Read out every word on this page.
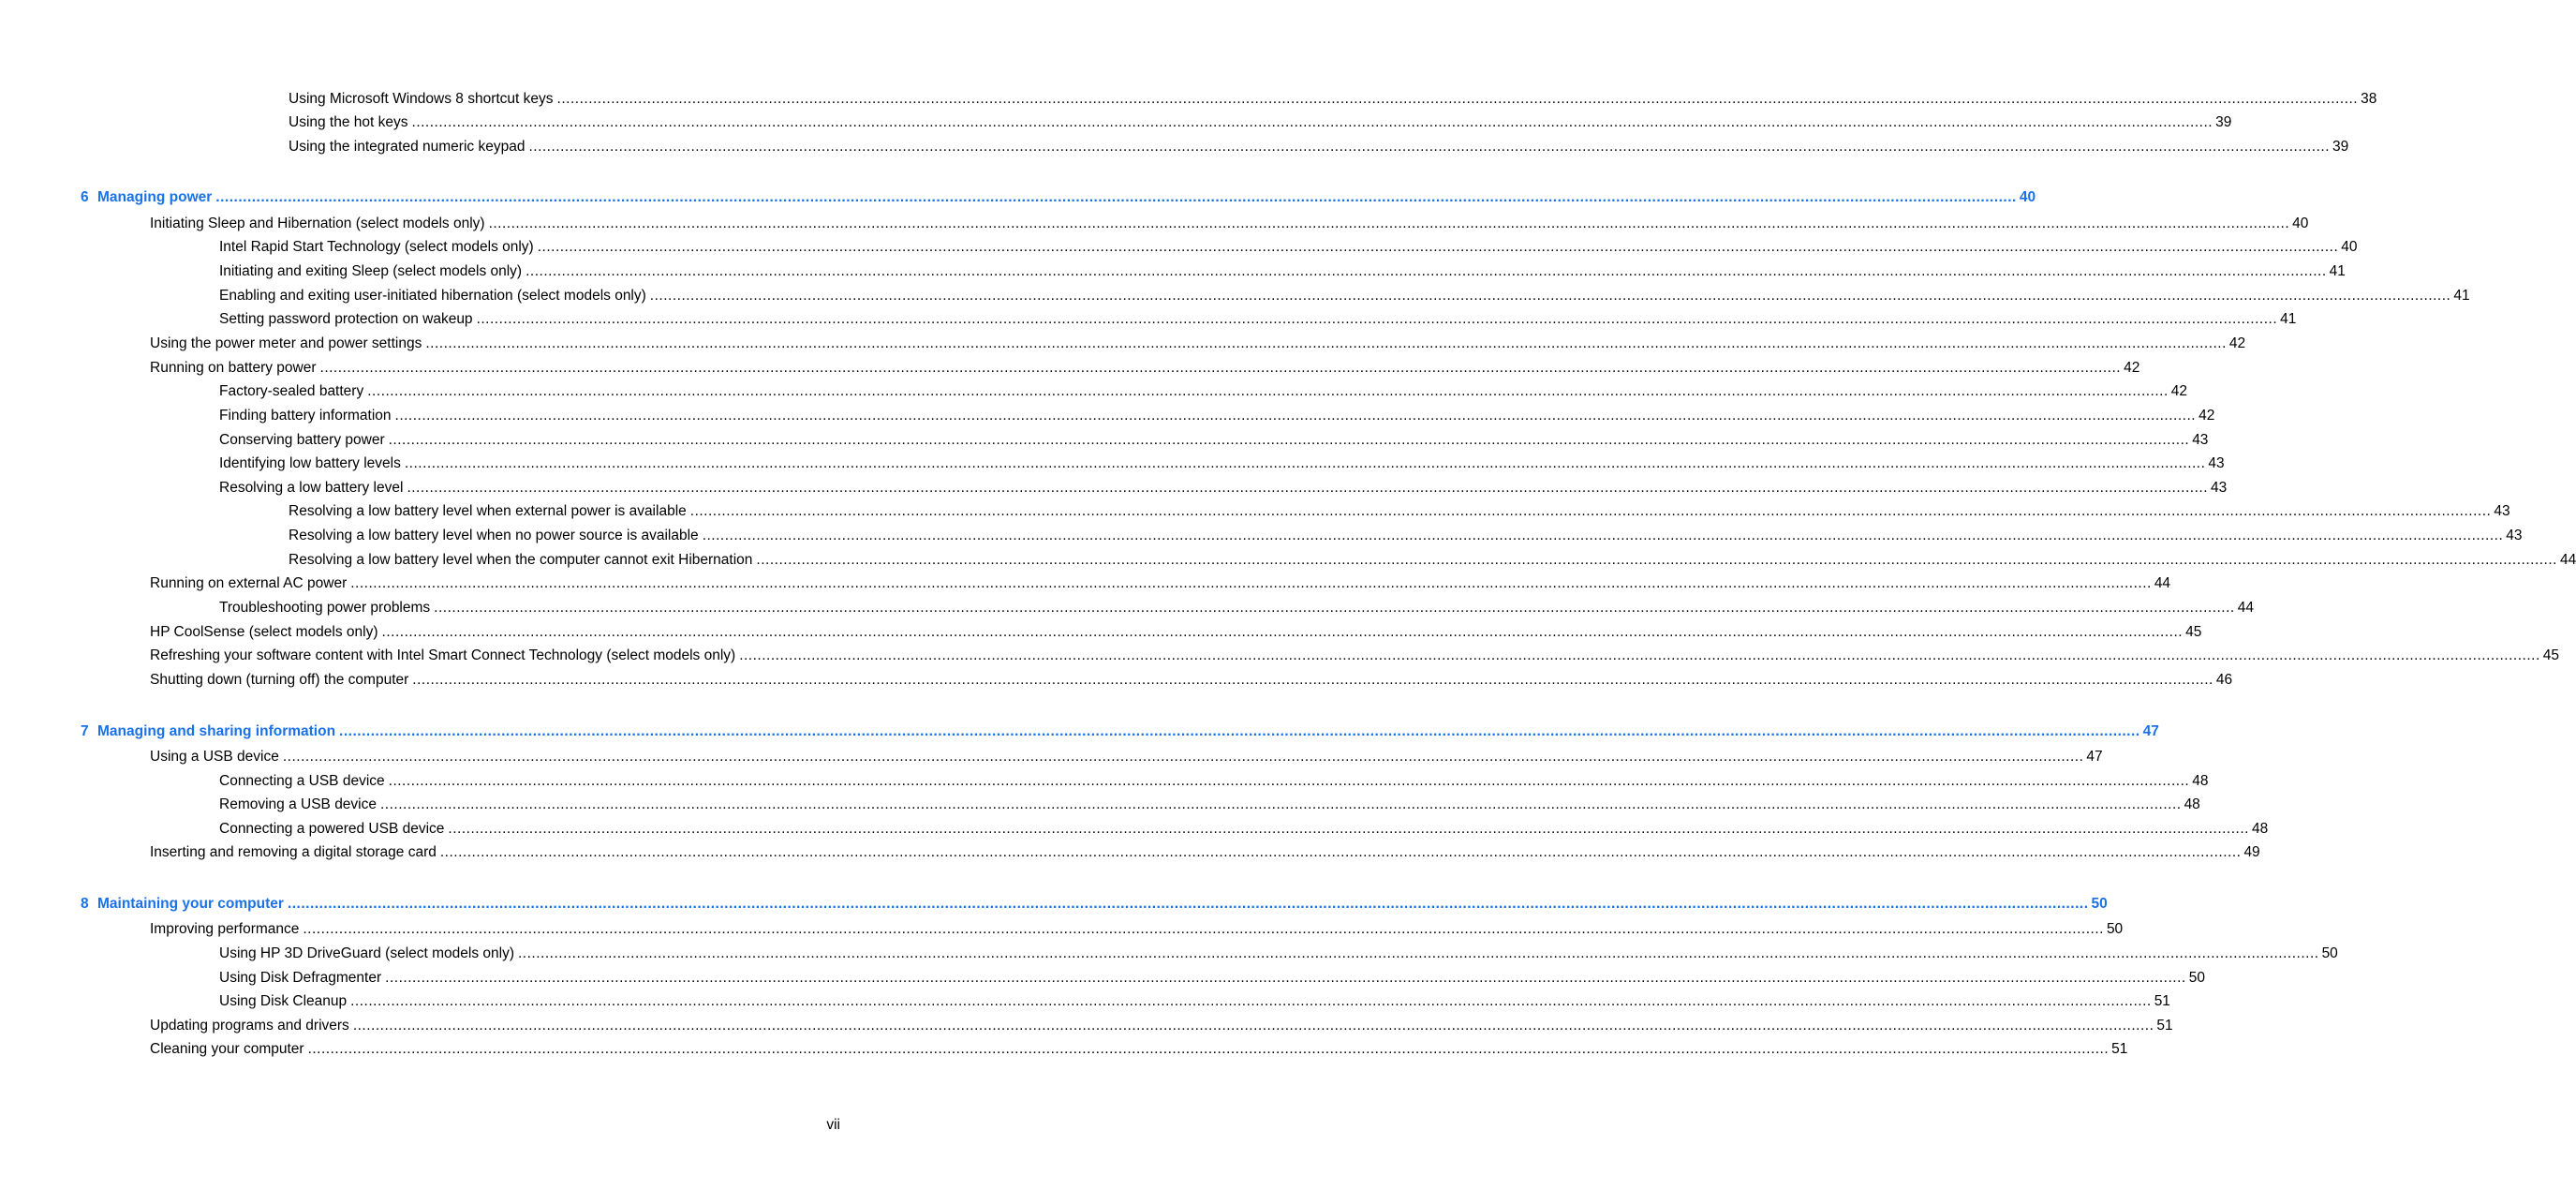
Using Microsoft Windows 8 shortcut keys ................................................................................................................................................................................................................................................................................................................................................................................................................ 38
Using the hot keys ................................................................................................................................................................................................................................................................................................................................................................................................................ 39
Using the integrated numeric keypad ................................................................................................................................................................................................................................................................................................................................................................................................................ 39
6 Managing power ................................................................................................................................................................................................................................................................................................................................................................................................................ 40
Initiating Sleep and Hibernation (select models only) ................................................................................................................................................................................................................................................................................................................................................................................................................ 40
Intel Rapid Start Technology (select models only) ................................................................................................................................................................................................................................................................................................................................................................................................................ 40
Initiating and exiting Sleep (select models only) ................................................................................................................................................................................................................................................................................................................................................................................................................ 41
Enabling and exiting user-initiated hibernation (select models only) ................................................................................................................................................................................................................................................................................................................................................................................................................ 41
Setting password protection on wakeup ................................................................................................................................................................................................................................................................................................................................................................................................................ 41
Using the power meter and power settings ................................................................................................................................................................................................................................................................................................................................................................................................................ 42
Running on battery power ................................................................................................................................................................................................................................................................................................................................................................................................................ 42
Factory-sealed battery ................................................................................................................................................................................................................................................................................................................................................................................................................ 42
Finding battery information ................................................................................................................................................................................................................................................................................................................................................................................................................ 42
Conserving battery power ................................................................................................................................................................................................................................................................................................................................................................................................................ 43
Identifying low battery levels ................................................................................................................................................................................................................................................................................................................................................................................................................ 43
Resolving a low battery level ................................................................................................................................................................................................................................................................................................................................................................................................................ 43
Resolving a low battery level when external power is available ................................................................................................................................................................................................................................................................................................................................................................................................................ 43
Resolving a low battery level when no power source is available ................................................................................................................................................................................................................................................................................................................................................................................................................ 43
Resolving a low battery level when the computer cannot exit Hibernation ................................................................................................................................................................................................................................................................................................................................................................................................................ 44
Running on external AC power ................................................................................................................................................................................................................................................................................................................................................................................................................ 44
Troubleshooting power problems ................................................................................................................................................................................................................................................................................................................................................................................................................ 44
HP CoolSense (select models only) ................................................................................................................................................................................................................................................................................................................................................................................................................ 45
Refreshing your software content with Intel Smart Connect Technology (select models only) ................................................................................................................................................................................................................................................................................................................................................................................................................ 45
Shutting down (turning off) the computer ................................................................................................................................................................................................................................................................................................................................................................................................................ 46
7 Managing and sharing information ................................................................................................................................................................................................................................................................................................................................................................................................................ 47
Using a USB device ................................................................................................................................................................................................................................................................................................................................................................................................................ 47
Connecting a USB device ................................................................................................................................................................................................................................................................................................................................................................................................................ 48
Removing a USB device ................................................................................................................................................................................................................................................................................................................................................................................................................ 48
Connecting a powered USB device ................................................................................................................................................................................................................................................................................................................................................................................................................ 48
Inserting and removing a digital storage card ................................................................................................................................................................................................................................................................................................................................................................................................................ 49
8 Maintaining your computer ................................................................................................................................................................................................................................................................................................................................................................................................................ 50
Improving performance ................................................................................................................................................................................................................................................................................................................................................................................................................ 50
Using HP 3D DriveGuard (select models only) ................................................................................................................................................................................................................................................................................................................................................................................................................ 50
Using Disk Defragmenter ................................................................................................................................................................................................................................................................................................................................................................................................................ 50
Using Disk Cleanup ................................................................................................................................................................................................................................................................................................................................................................................................................ 51
Updating programs and drivers ................................................................................................................................................................................................................................................................................................................................................................................................................ 51
Cleaning your computer ................................................................................................................................................................................................................................................................................................................................................................................................................ 51
vii
